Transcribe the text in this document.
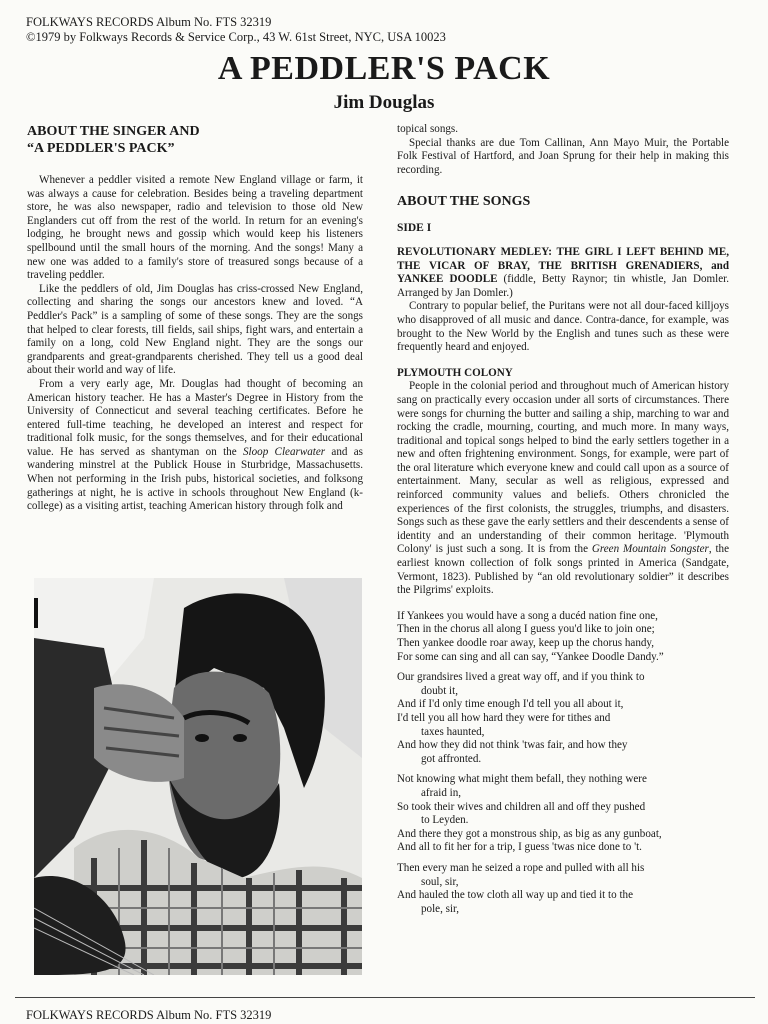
FOLKWAYS RECORDS Album No. FTS 32319
©1979 by Folkways Records & Service Corp., 43 W. 61st Street, NYC, USA 10023
A PEDDLER'S PACK
Jim Douglas
ABOUT THE SINGER AND
“A PEDDLER'S PACK”

Whenever a peddler visited a remote New England village or farm, it was always a cause for celebration. Besides being a traveling department store, he was also newspaper, radio and television to those old New Englanders cut off from the rest of the world. In return for an evening's lodging, he brought news and gossip which would keep his listeners spellbound until the small hours of the morning. And the songs! Many a new one was added to a family's store of treasured songs because of a traveling peddler.

Like the peddlers of old, Jim Douglas has criss-crossed New England, collecting and sharing the songs our ancestors knew and loved. “A Peddler's Pack” is a sampling of some of these songs. They are the songs that helped to clear forests, till fields, sail ships, fight wars, and entertain a family on a long, cold New England night. They are the songs our grandparents and great-grandparents cherished. They tell us a good deal about their world and way of life.

From a very early age, Mr. Douglas had thought of becoming an American history teacher. He has a Master's Degree in History from the University of Connecticut and several teaching certificates. Before he entered full-time teaching, he developed an interest and respect for traditional folk music, for the songs themselves, and for their educational value. He has served as shantyman on the Sloop Clearwater and as wandering minstrel at the Publick House in Sturbridge, Massachusetts. When not performing in the Irish pubs, historical societies, and folksong gatherings at night, he is active in schools throughout New England (k-college) as a visiting artist, teaching American history through folk and

topical songs.

Special thanks are due Tom Callinan, Ann Mayo Muir, the Portable Folk Festival of Hartford, and Joan Sprung for their help in making this recording.

ABOUT THE SONGS
SIDE I

REVOLUTIONARY MEDLEY: THE GIRL I LEFT BEHIND ME, THE VICAR OF BRAY, THE BRITISH GRENADIERS, and YANKEE DOODLE (fiddle, Betty Raynor; tin whistle, Jan Domler. Arranged by Jan Domler.)

Contrary to popular belief, the Puritans were not all dour-faced killjoys who disapproved of all music and dance. Contra-dance, for example, was brought to the New World by the English and tunes such as these were frequently heard and enjoyed.

PLYMOUTH COLONY

People in the colonial period and throughout much of American history sang on practically every occasion under all sorts of circumstances. There were songs for churning the butter and sailing a ship, marching to war and rocking the cradle, mourning, courting, and much more. In many ways, traditional and topical songs helped to bind the early settlers together in a new and often frightening environment. Songs, for example, were part of the oral literature which everyone knew and could call upon as a source of entertainment. Many, secular as well as religious, expressed and reinforced community values and beliefs. Others chronicled the experiences of the first colonists, the struggles, triumphs, and disasters. Songs such as these gave the early settlers and their descendents a sense of identity and an understanding of their common heritage. 'Plymouth Colony' is just such a song. It is from the Green Mountain Songster, the earliest known collection of folk songs printed in America (Sandgate, Vermont, 1823). Published by “an old revolutionary soldier” it describes the Pilgrims' exploits.

If Yankees you would have a song a ducéd nation fine one,
Then in the chorus all along I guess you'd like to join one;
Then yankee doodle roar away, keep up the chorus handy,
For some can sing and all can say, “Yankee Doodle Dandy.”
Our grandsires lived a great way off, and if you think to
doubt it,
And if I'd only time enough I'd tell you all about it,
I'd tell you all how hard they were for tithes and
taxes haunted,
And how they did not think 'twas fair, and how they
got affronted.
Not knowing what might them befall, they nothing were
afraid in,
So took their wives and children all and off they pushed
to Leyden.
And there they got a monstrous ship, as big as any gunboat,
And all to fit her for a trip, I guess 'twas nice done to 't.
Then every man he seized a rope and pulled with all his
soul, sir,
And hauled the tow cloth all way up and tied it to the
pole, sir,
FOLKWAYS RECORDS Album No. FTS 32319
